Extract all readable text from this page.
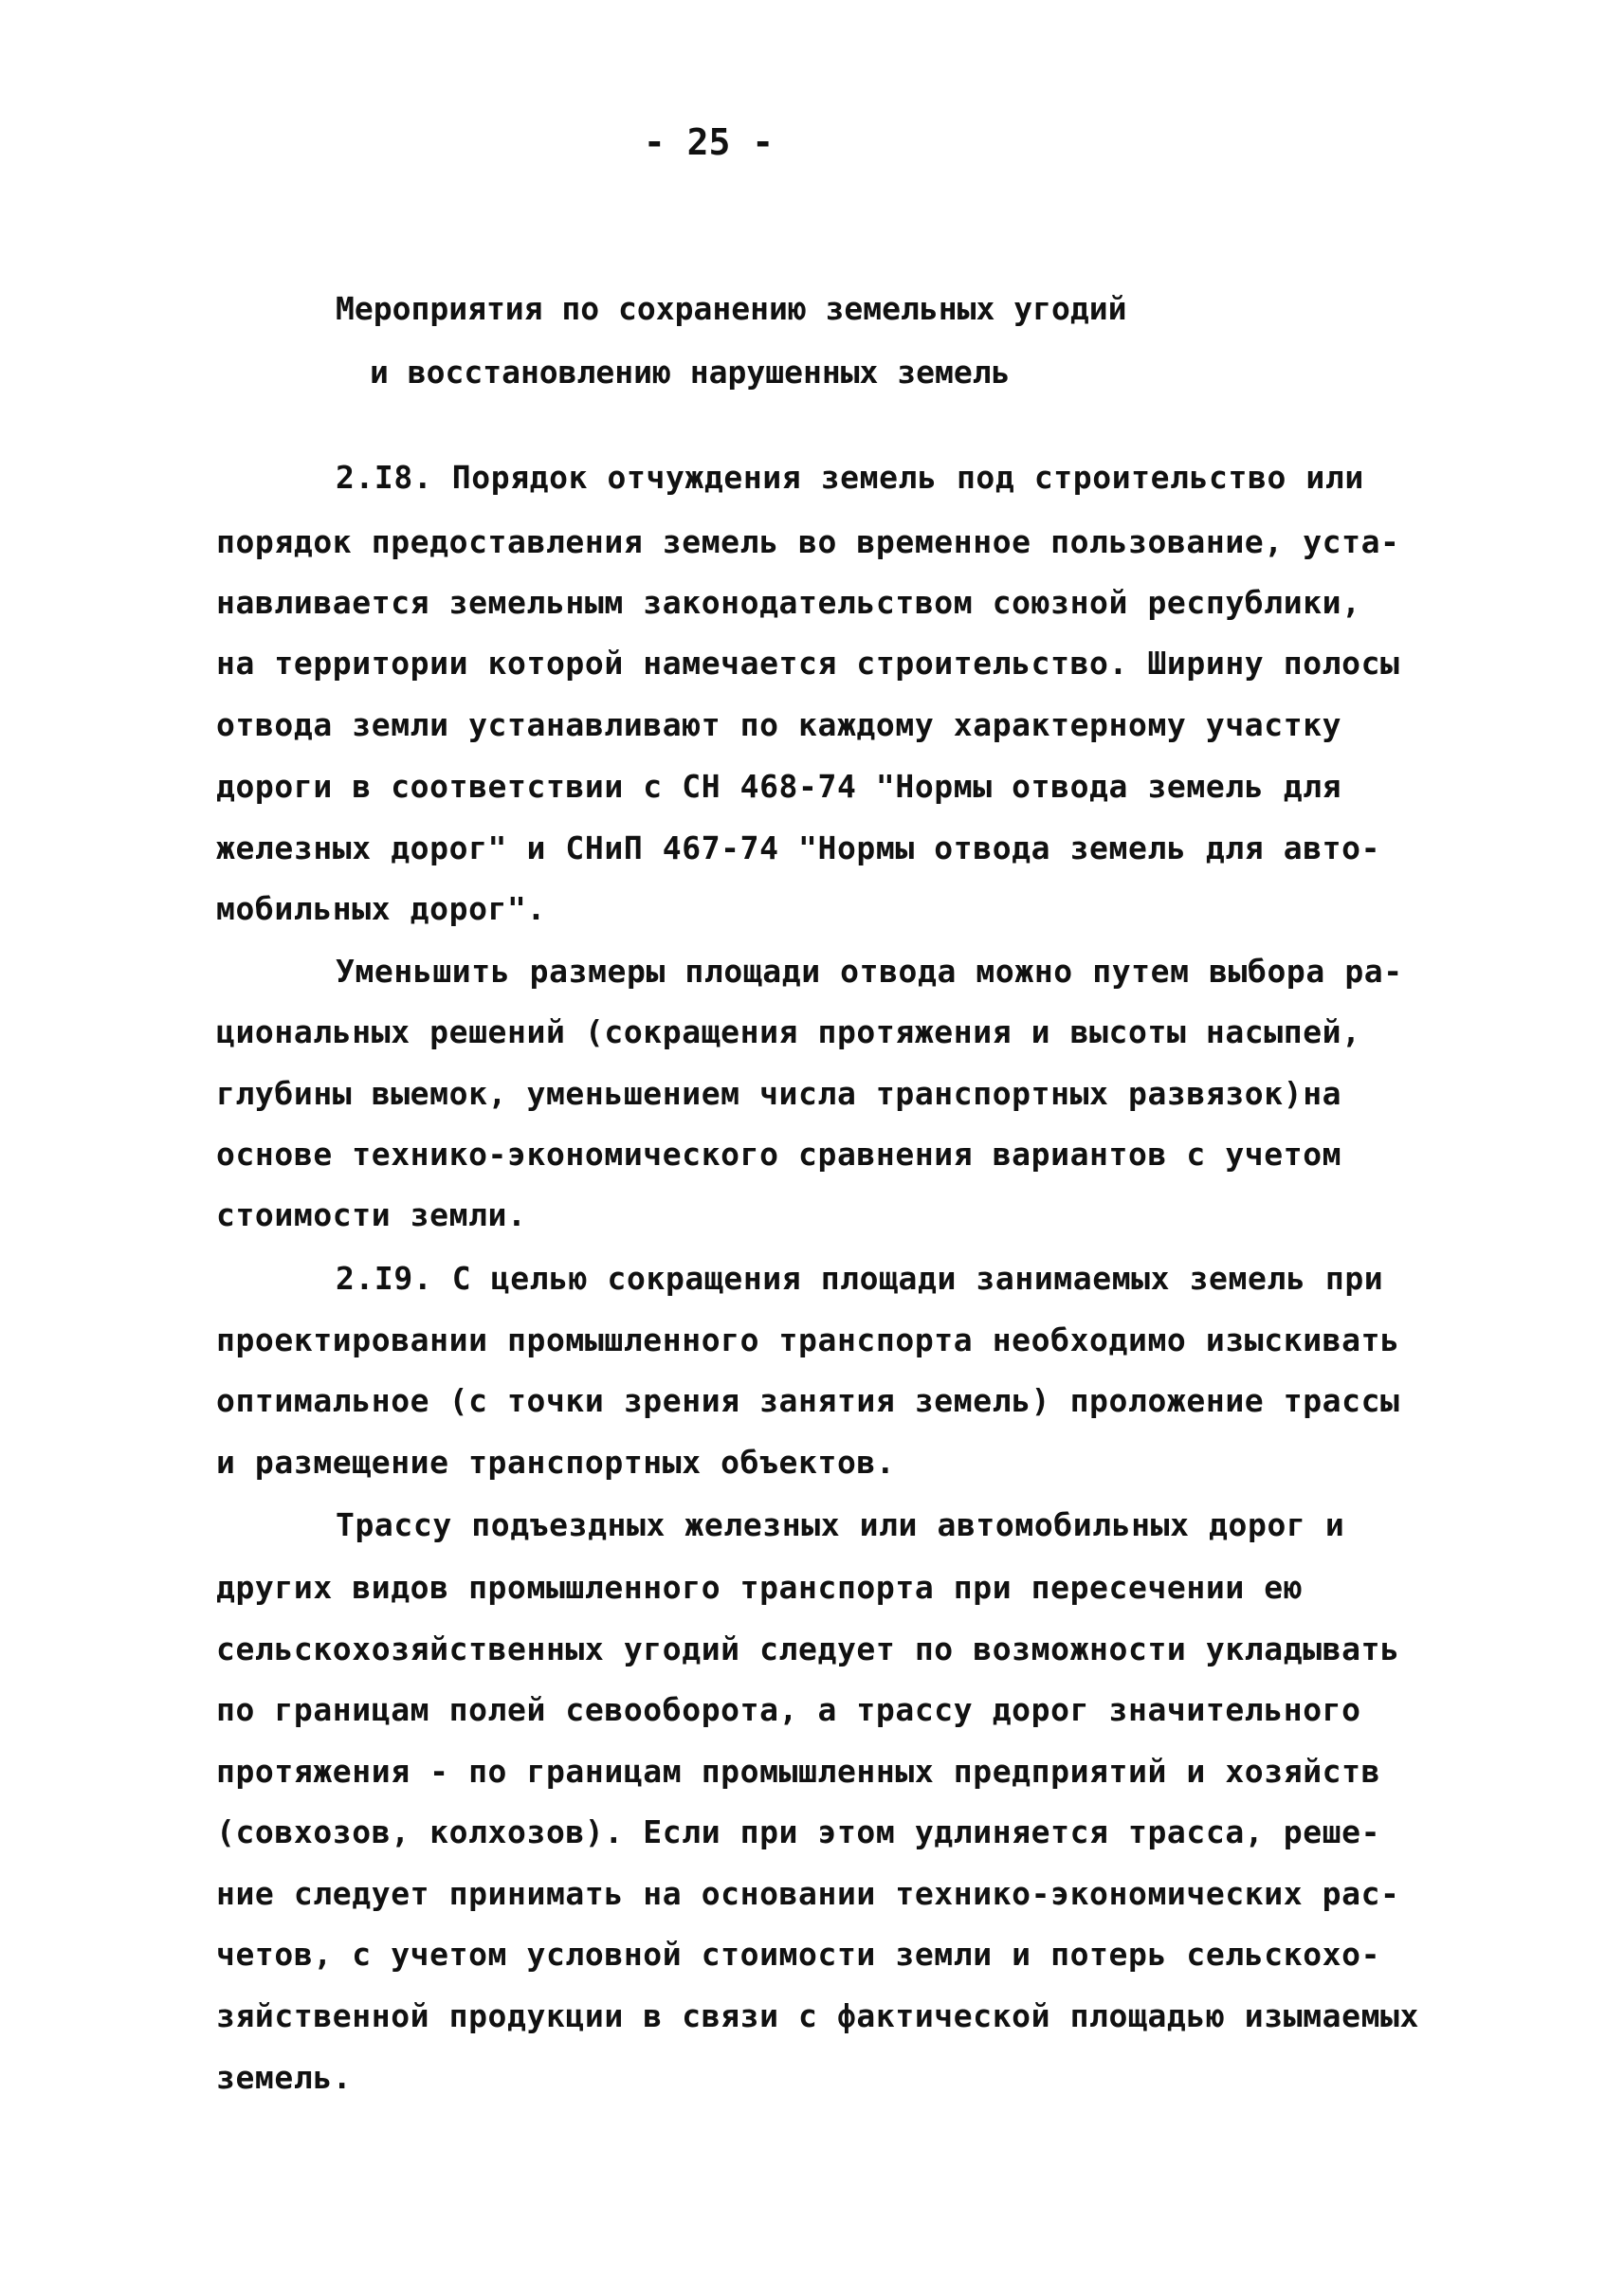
- 25 -
Мероприятия по сохранению земельных угодий
и восстановлению нарушенных земель
2.I8. Порядок отчуждения земель под строительство или
порядок предоставления земель во временное пользование, уста-
навливается земельным законодательством союзной республики,
на территории которой намечается строительство. Ширину полосы
отвода земли устанавливают по каждому характерному участку
дороги в соответствии с СН 468-74 "Нормы отвода земель для
железных дорог" и СНиП 467-74 "Нормы отвода земель для авто-
мобильных дорог".
Уменьшить размеры площади отвода можно путем выбора ра-
циональных решений (сокращения протяжения и высоты насыпей,
глубины выемок, уменьшением числа транспортных развязок)на
основе технико-экономического сравнения вариантов с учетом
стоимости земли.
2.I9. С целью сокращения площади занимаемых земель при
проектировании промышленного транспорта необходимо изыскивать
оптимальное (с точки зрения занятия земель) проложение трассы
и размещение транспортных объектов.
Трассу подъездных железных или автомобильных дорог и
других видов промышленного транспорта при пересечении ею
сельскохозяйственных угодий следует по возможности укладывать
по границам полей севооборота, а трассу дорог значительного
протяжения - по границам промышленных предприятий и хозяйств
(совхозов, колхозов). Если при этом удлиняется трасса, реше-
ние следует принимать на основании технико-экономических рас-
четов, с учетом условной стоимости земли и потерь сельскохо-
зяйственной продукции в связи с фактической площадью изымаемых
земель.
